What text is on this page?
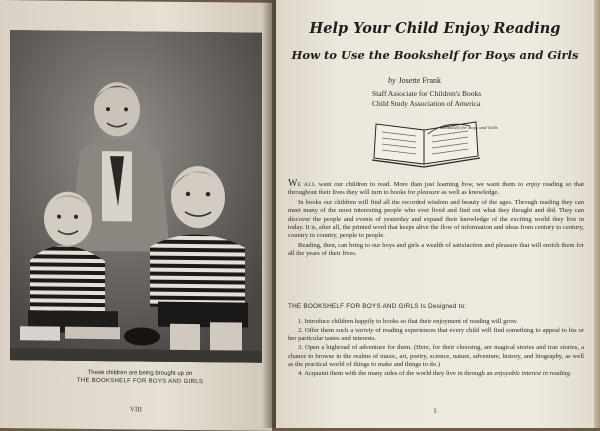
These children are being brought up on
THE BOOKSHELF FOR BOYS AND GIRLS
VIII
Help Your Child Enjoy Reading
How to Use the Bookshelf for Boys and Girls
by Josette Frank
Staff Associate for Children's Books
Child Study Association of America
Bookshelf for Boys and Girls

WE ALL want our children to read. More than just learning how, we want them to enjoy reading so that throughout their lives they will turn to books for pleasure as well as knowledge.

In books our children will find all the recorded wisdom and beauty of the ages. Through reading they can meet many of the most interesting people who ever lived and find out what they thought and did. They can discover the people and events of yesterday and expand their knowledge of the exciting world they live in today. It is, after all, the printed word that keeps alive the flow of information and ideas from century to century, country to country, people to people.

Reading, then, can bring to our boys and girls a wealth of satisfaction and pleasure that will enrich them for all the years of their lives.

THE BOOKSHELF FOR BOYS AND GIRLS Is Designed to:

1. Introduce children happily to books so that their enjoyment of reading will grow.

2. Offer them such a variety of reading experiences that every child will find something to appeal to his or her particular tastes and interests.

3. Open a highroad of adventure for them. (Here, for their choosing, are magical stories and true stories, a chance to browse in the realms of music, art, poetry, science, nature, adventure, history, and biography, as well as the practical world of things to make and things to do.)

4. Acquaint them with the many sides of the world they live in through an enjoyable interest in reading.

1
